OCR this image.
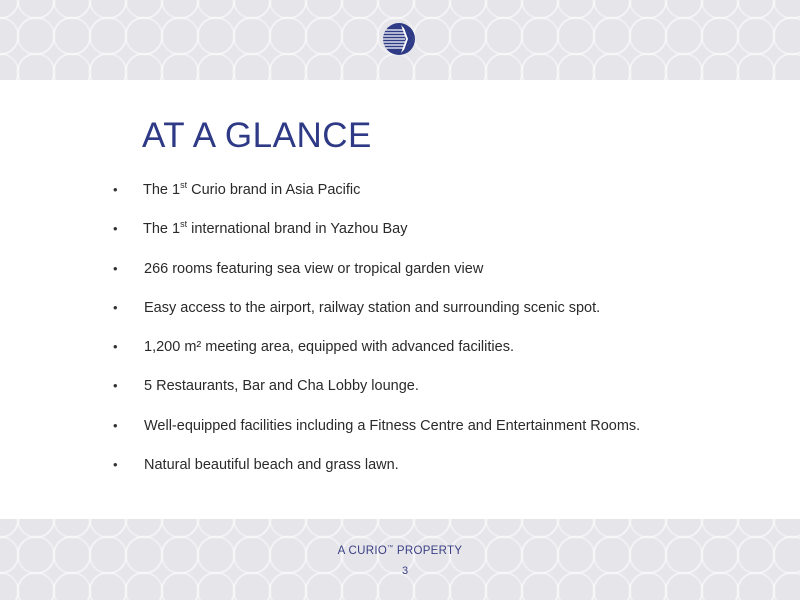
AT A GLANCE
• The 1st Curio brand in Asia Pacific
• The 1st international brand in Yazhou Bay
• 266 rooms featuring sea view or tropical garden view
• Easy access to the airport, railway station and surrounding scenic spot.
• 1,200 m² meeting area, equipped with advanced facilities.
• 5 Restaurants, Bar and Cha Lobby lounge.
• Well-equipped facilities including a Fitness Centre and Entertainment Rooms.
• Natural beautiful beach and grass lawn.
A CURIO™ PROPERTY
3
